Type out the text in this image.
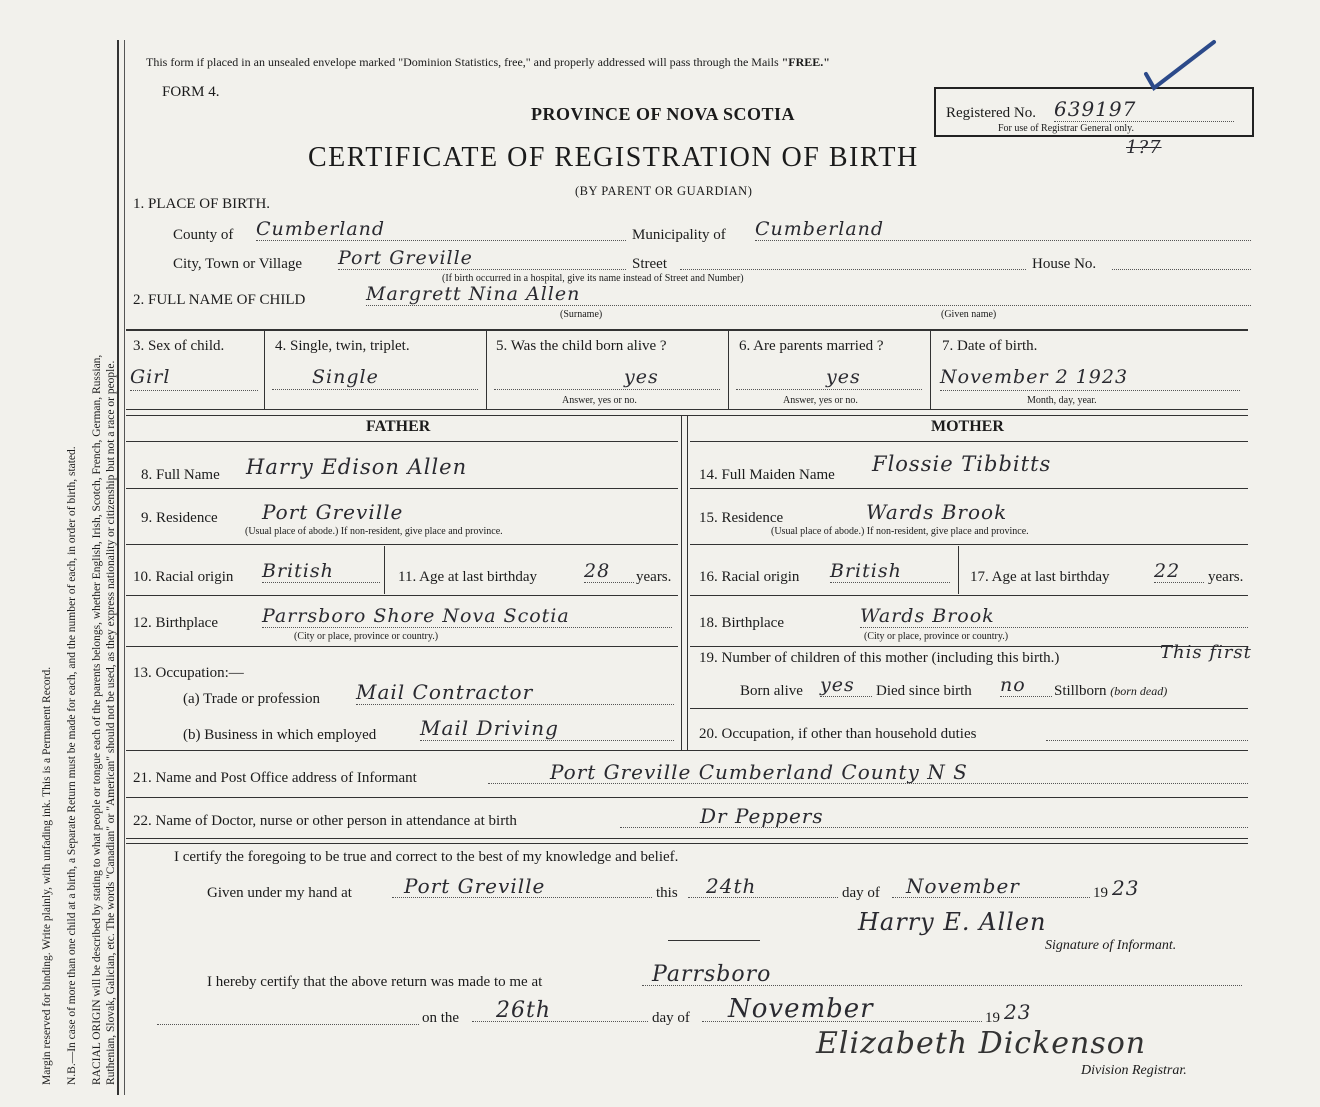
Margin reserved for binding. Write plainly, with unfading ink. This is a Permanent Record. N.B.—In case of more than one child at a birth, a Separate Return must be made for each, and the number of each, in order of birth, stated. RACIAL ORIGIN will be described by stating to what people or tongue each of the parents belongs, whether English, Irish, Scotch, French, German, Russian, Ruthenian, Slovak, Galician, etc. The words "Canadian" or "American" should not be used, as they express nationality or citizenship but not a race or people.
This form if placed in an unsealed envelope marked "Dominion Statistics, free," and properly addressed will pass through the Mails "FREE."
FORM 4.
PROVINCE OF NOVA SCOTIA	Registered No. 639197
For use of Registrar General only.
1?7
CERTIFICATE OF REGISTRATION OF BIRTH
(BY PARENT OR GUARDIAN)
1. PLACE OF BIRTH.
County of Cumberland	Municipality of Cumberland
City, Town or Village Port Greville	Street	House No.
(If birth occurred in a hospital, give its name instead of Street and Number)
2. FULL NAME OF CHILD	Margrett Nina Allen
(Surname)	(Given name)
3. Sex of child.
Girl
4. Single, twin, triplet.
Single
5. Was the child born alive ?
yes
Answer, yes or no.
6. Are parents married ?
yes
Answer, yes or no.
7. Date of birth.
November 2 1923
Month, day, year.
FATHER	MOTHER
8. Full Name Harry Edison Allen	14. Full Maiden Name Flossie Tibbitts
9. Residence Port Greville
(Usual place of abode.) If non-resident, give place and province.
15. Residence	Wards Brook
(Usual place of abode.) If non-resident, give place and province.
10. Racial origin British	11. Age at last birthday 28	years. 16. Racial origin British	17. Age at last birthday 22	years.
12. Birthplace Parrsboro Shore Nova Scotia
(City or place, province or country.)
18. Birthplace	Wards Brook
(City or place, province or country.)
13. Occupation:—
(a) Trade or profession Mail Contractor
(b) Business in which employed Mail Driving
19. Number of children of this mother (including this birth.)	This first
Born alive yes	Died since birth no	Stillborn (born dead)
20. Occupation, if other than household duties
21. Name and Post Office address of Informant	Port Greville Cumberland County N S
22. Name of Doctor, nurse or other person in attendance at birth	Dr Peppers
I certify the foregoing to be true and correct to the best of my knowledge and belief.
Given under my hand at	Port Greville	this	24th	day of	November	19 23
Harry E. Allen
Signature of Informant.
I hereby certify that the above return was made to me at	Parrsboro
on the	26th	day of	November	19 23
Elizabeth Dickenson
Division Registrar.
